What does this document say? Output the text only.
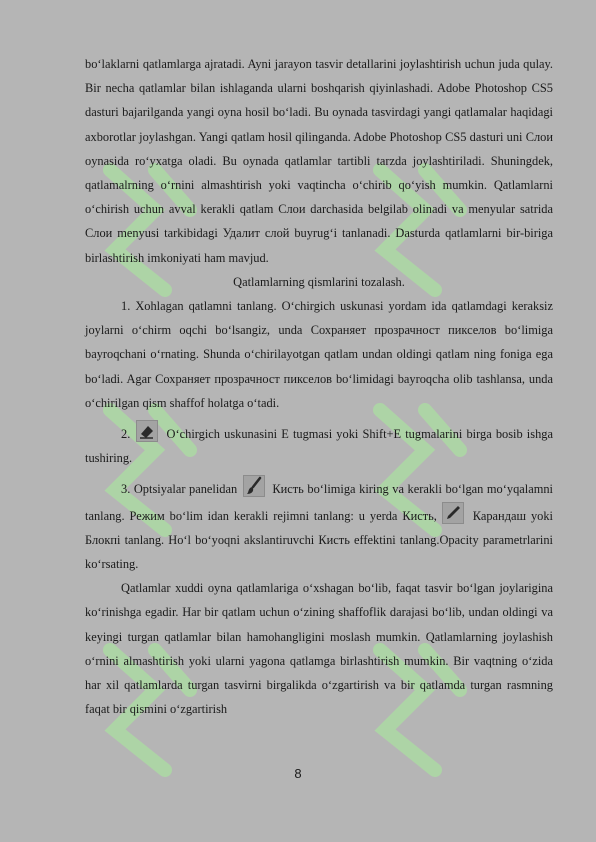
bo‘laklarni qatlamlarga ajratadi. Ayni jarayon tasvir detallarini joylashtirish uchun juda qulay. Bir necha qatlamlar bilan ishlaganda ularni boshqarish qiyinlashadi. Adobe Photoshop CS5 dasturi bajarilganda yangi oyna hosil bo‘ladi. Bu oynada tasvirdagi yangi qatlamalar haqidagi axborotlar joylashgan. Yangi qatlam hosil qilinganda. Adobe Photoshop CS5 dasturi uni Слои oynasida ro‘yxatga oladi. Bu oynada qatlamlar tartibli tarzda joylashtiriladi. Shuningdek, qatlamalrning o‘rnini almashtirish yoki vaqtincha o‘chirib qo‘yish mumkin. Qatlamlarni o‘chirish uchun avval kerakli qatlam Слои darchasida belgilab olinadi va menyular satrida Слои menyusi tarkibidagi Удалит слой buyrug‘i tanlanadi. Dasturda qatlamlarni bir-biriga birlashtirish imkoniyati ham mavjud.

Qatlamlarning qismlarini tozalash.

1. Xohlagan qatlamni tanlang. O‘chirgich uskunasi yordam ida qatlamdagi keraksiz joylarni o‘chirm oqchi bo‘lsangiz, unda Сохраняет прозрачност пикселов bo‘limiga bayroqchani o‘rnating. Shunda o‘chirilayotgan qatlam undan oldingi qatlam ning foniga ega bo‘ladi. Agar Сохраняет прозрачност пикселов bo‘limidagi bayroqcha olib tashlansa, unda o‘chirilgan qism shaffof holatga o‘tadi.

2.	O‘chirgich uskunasini E tugmasi yoki Shift+E tugmalarini birga bosib ishga tushiring.

3. Optsiyalar panelidan	Кисть bo‘limiga kiring va kerakli bo‘lgan mo‘yqalamni tanlang. Режим bo‘lim idan kerakli rejimni tanlang: u yerda Кисть,	Карандаш yoki Блокпі tanlang. Ho‘l bo‘yoqni akslantiruvchi Кисть effektini tanlang.Opacity parametrlarini ko‘rsating.

Qatlamlar xuddi oyna qatlamlariga o‘xshagan bo‘lib, faqat tasvir bo‘lgan joylarigina ko‘rinishga egadir. Har bir qatlam uchun o‘zining shaffoflik darajasi bo‘lib, undan oldingi va keyingi turgan qatlamlar bilan hamohangligini moslash mumkin. Qatlamlarning joylashish o‘rnini almashtirish yoki ularni yagona qatlamga birlashtirish mumkin. Bir vaqtning o‘zida har xil qatlamlarda turgan tasvirni birgalikda o‘zgartirish va bir qatlamda turgan rasmning faqat bir qismini o‘zgartirish

8
